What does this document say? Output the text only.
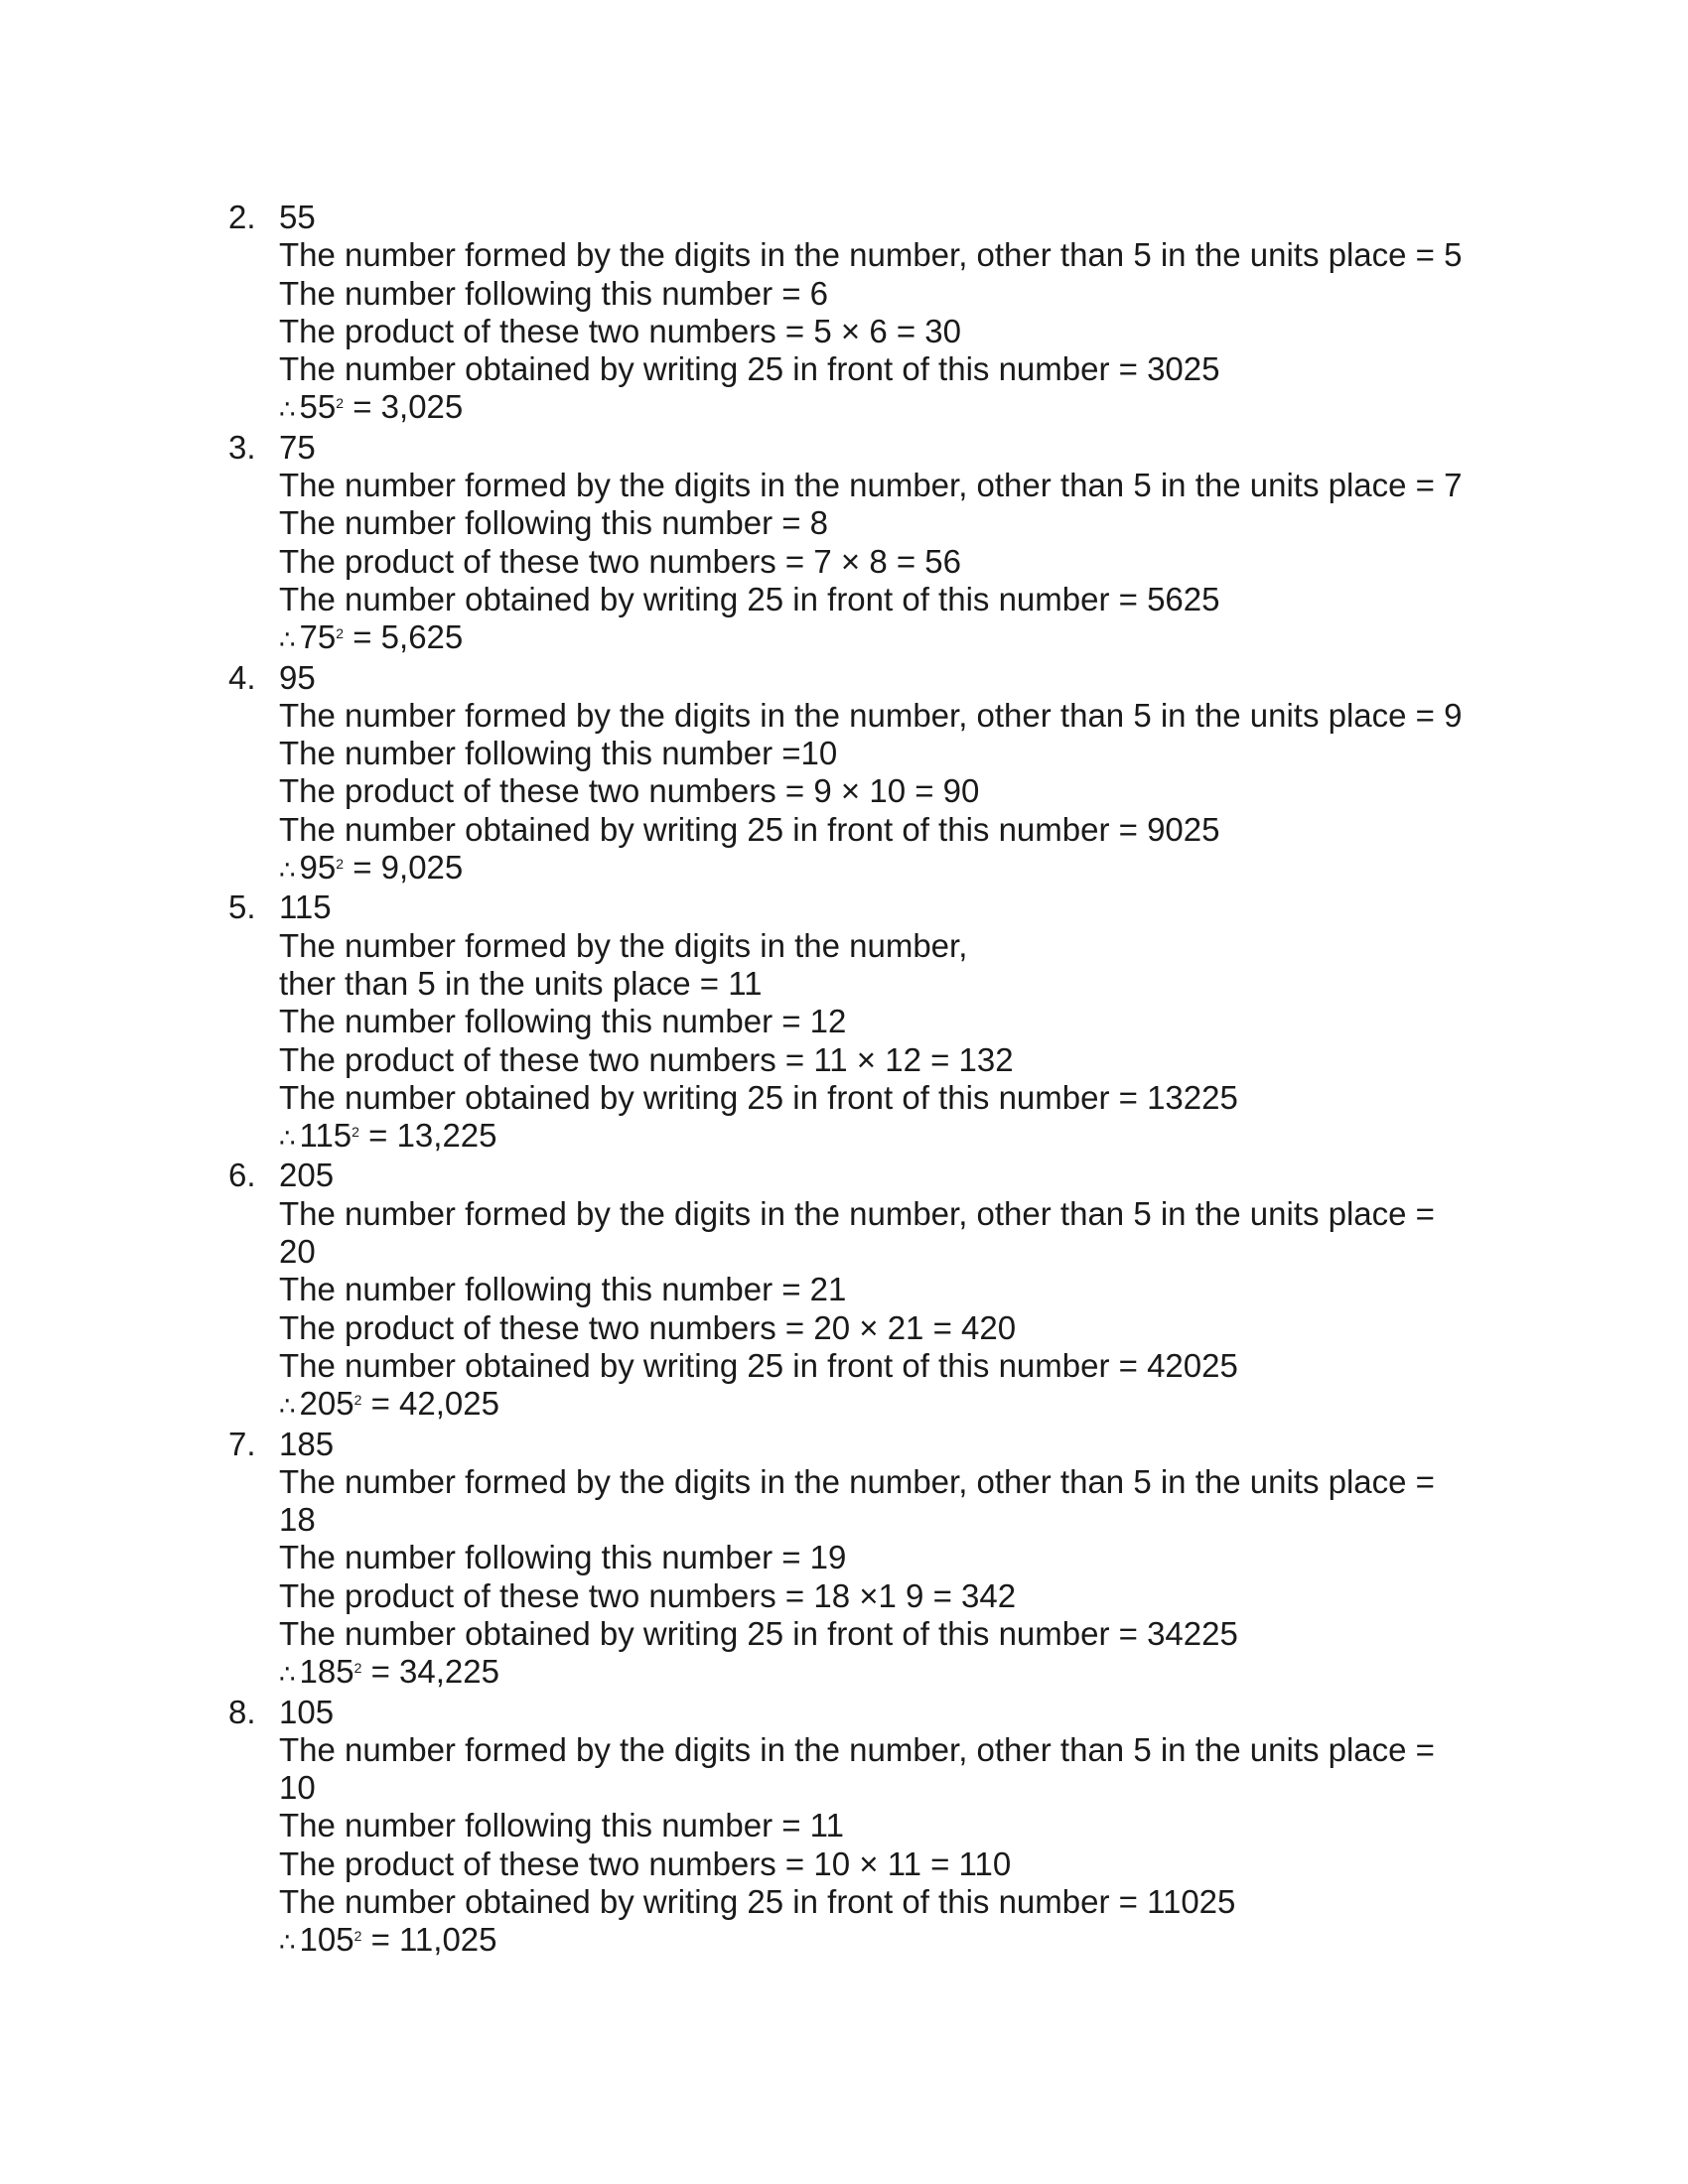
2. 55
The number formed by the digits in the number, other than 5 in the units place = 5
The number following this number = 6
The product of these two numbers = 5 × 6 = 30
The number obtained by writing 25 in front of this number = 3025
∴ $55^2 = 3,025$
3. 75
The number formed by the digits in the number, other than 5 in the units place = 7
The number following this number = 8
The product of these two numbers = 7 × 8 = 56
The number obtained by writing 25 in front of this number = 5625
∴ $75^2 = 5,625$
4. 95
The number formed by the digits in the number, other than 5 in the units place = 9
The number following this number =10
The product of these two numbers = 9 × 10 = 90
The number obtained by writing 25 in front of this number = 9025
∴ $95^2 = 9,025$
5. 115
The number formed by the digits in the number,
ther than 5 in the units place = 11
The number following this number = 12
The product of these two numbers = 11 × 12 = 132
The number obtained by writing 25 in front of this number = 13225
∴ $115^2 = 13,225$
6. 205
The number formed by the digits in the number, other than 5 in the units place =
20
The number following this number = 21
The product of these two numbers = 20 × 21 = 420
The number obtained by writing 25 in front of this number = 42025
∴ $205^2 = 42,025$
7. 185
The number formed by the digits in the number, other than 5 in the units place =
18
The number following this number = 19
The product of these two numbers = 18 ×1 9 = 342
The number obtained by writing 25 in front of this number = 34225
∴ $185^2 = 34,225$
8. 105
The number formed by the digits in the number, other than 5 in the units place =
10
The number following this number = 11
The product of these two numbers = 10 × 11 = 110
The number obtained by writing 25 in front of this number = 11025
∴ $105^2 = 11,025$
